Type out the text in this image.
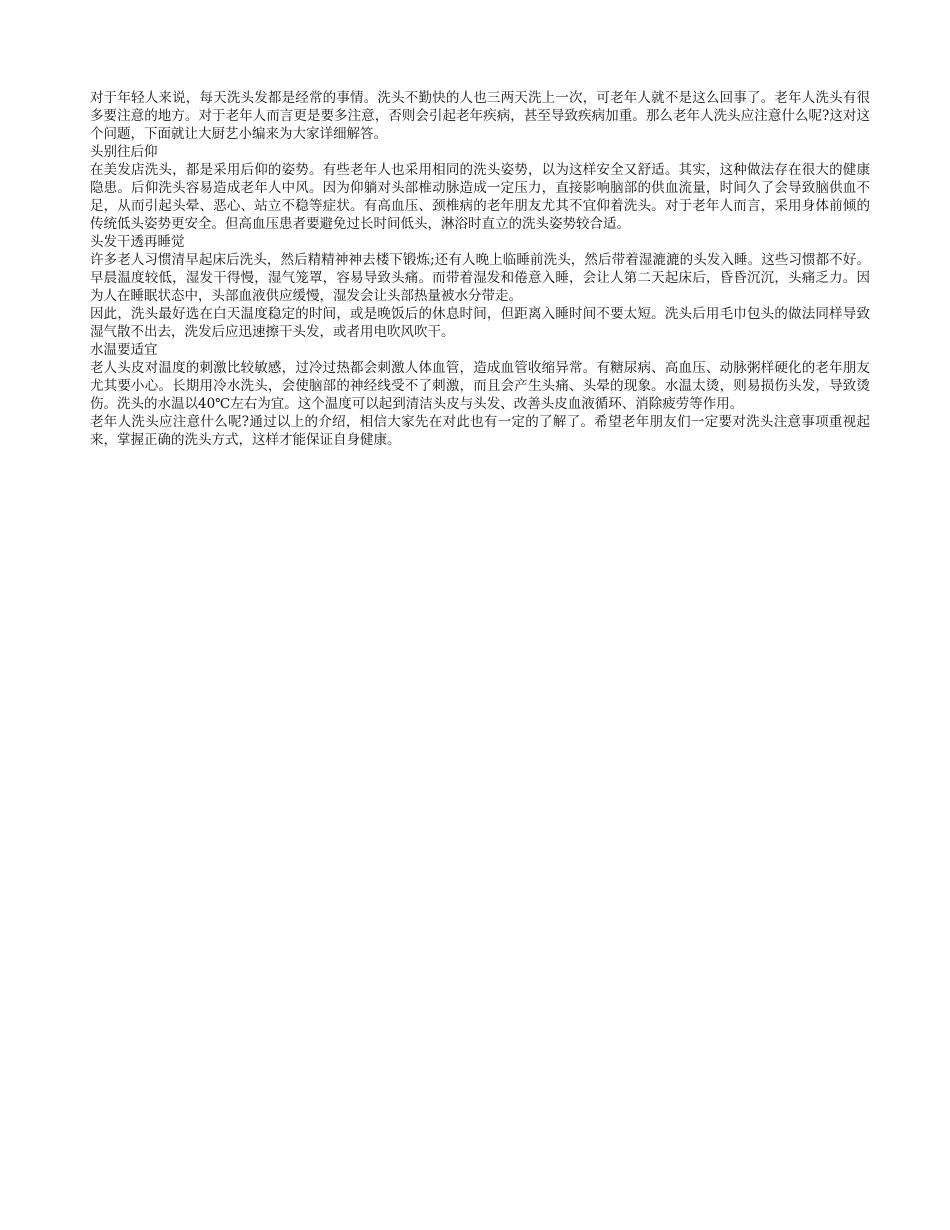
对于年轻人来说，每天洗头发都是经常的事情。洗头不勤快的人也三两天洗上一次，可老年人就不是这么回事了。老年人洗头有很多要注意的地方。对于老年人而言更是要多注意，否则会引起老年疾病，甚至导致疾病加重。那么老年人洗头应注意什么呢?这对这个问题，下面就让大厨艺小编来为大家详细解答。

头别往后仰

在美发店洗头，都是采用后仰的姿势。有些老年人也采用相同的洗头姿势，以为这样安全又舒适。其实，这种做法存在很大的健康隐患。后仰洗头容易造成老年人中风。因为仰躺对头部椎动脉造成一定压力，直接影响脑部的供血流量，时间久了会导致脑供血不足，从而引起头晕、恶心、站立不稳等症状。有高血压、颈椎病的老年朋友尤其不宜仰着洗头。对于老年人而言，采用身体前倾的传统低头姿势更安全。但高血压患者要避免过长时间低头，淋浴时直立的洗头姿势较合适。

头发干透再睡觉

许多老人习惯清早起床后洗头，然后精精神神去楼下锻炼;还有人晚上临睡前洗头，然后带着湿漉漉的头发入睡。这些习惯都不好。早晨温度较低，湿发干得慢，湿气笼罩，容易导致头痛。而带着湿发和倦意入睡，会让人第二天起床后，昏昏沉沉，头痛乏力。因为人在睡眠状态中，头部血液供应缓慢，湿发会让头部热量被水分带走。

因此，洗头最好选在白天温度稳定的时间，或是晚饭后的休息时间，但距离入睡时间不要太短。洗头后用毛巾包头的做法同样导致湿气散不出去，洗发后应迅速擦干头发，或者用电吹风吹干。

水温要适宜

老人头皮对温度的刺激比较敏感，过冷过热都会刺激人体血管，造成血管收缩异常。有糖尿病、高血压、动脉粥样硬化的老年朋友尤其要小心。长期用冷水洗头，会使脑部的神经线受不了刺激，而且会产生头痛、头晕的现象。水温太烫，则易损伤头发，导致烫伤。洗头的水温以40℃左右为宜。这个温度可以起到清洁头皮与头发、改善头皮血液循环、消除疲劳等作用。

老年人洗头应注意什么呢?通过以上的介绍，相信大家先在对此也有一定的了解了。希望老年朋友们一定要对洗头注意事项重视起来，掌握正确的洗头方式，这样才能保证自身健康。
